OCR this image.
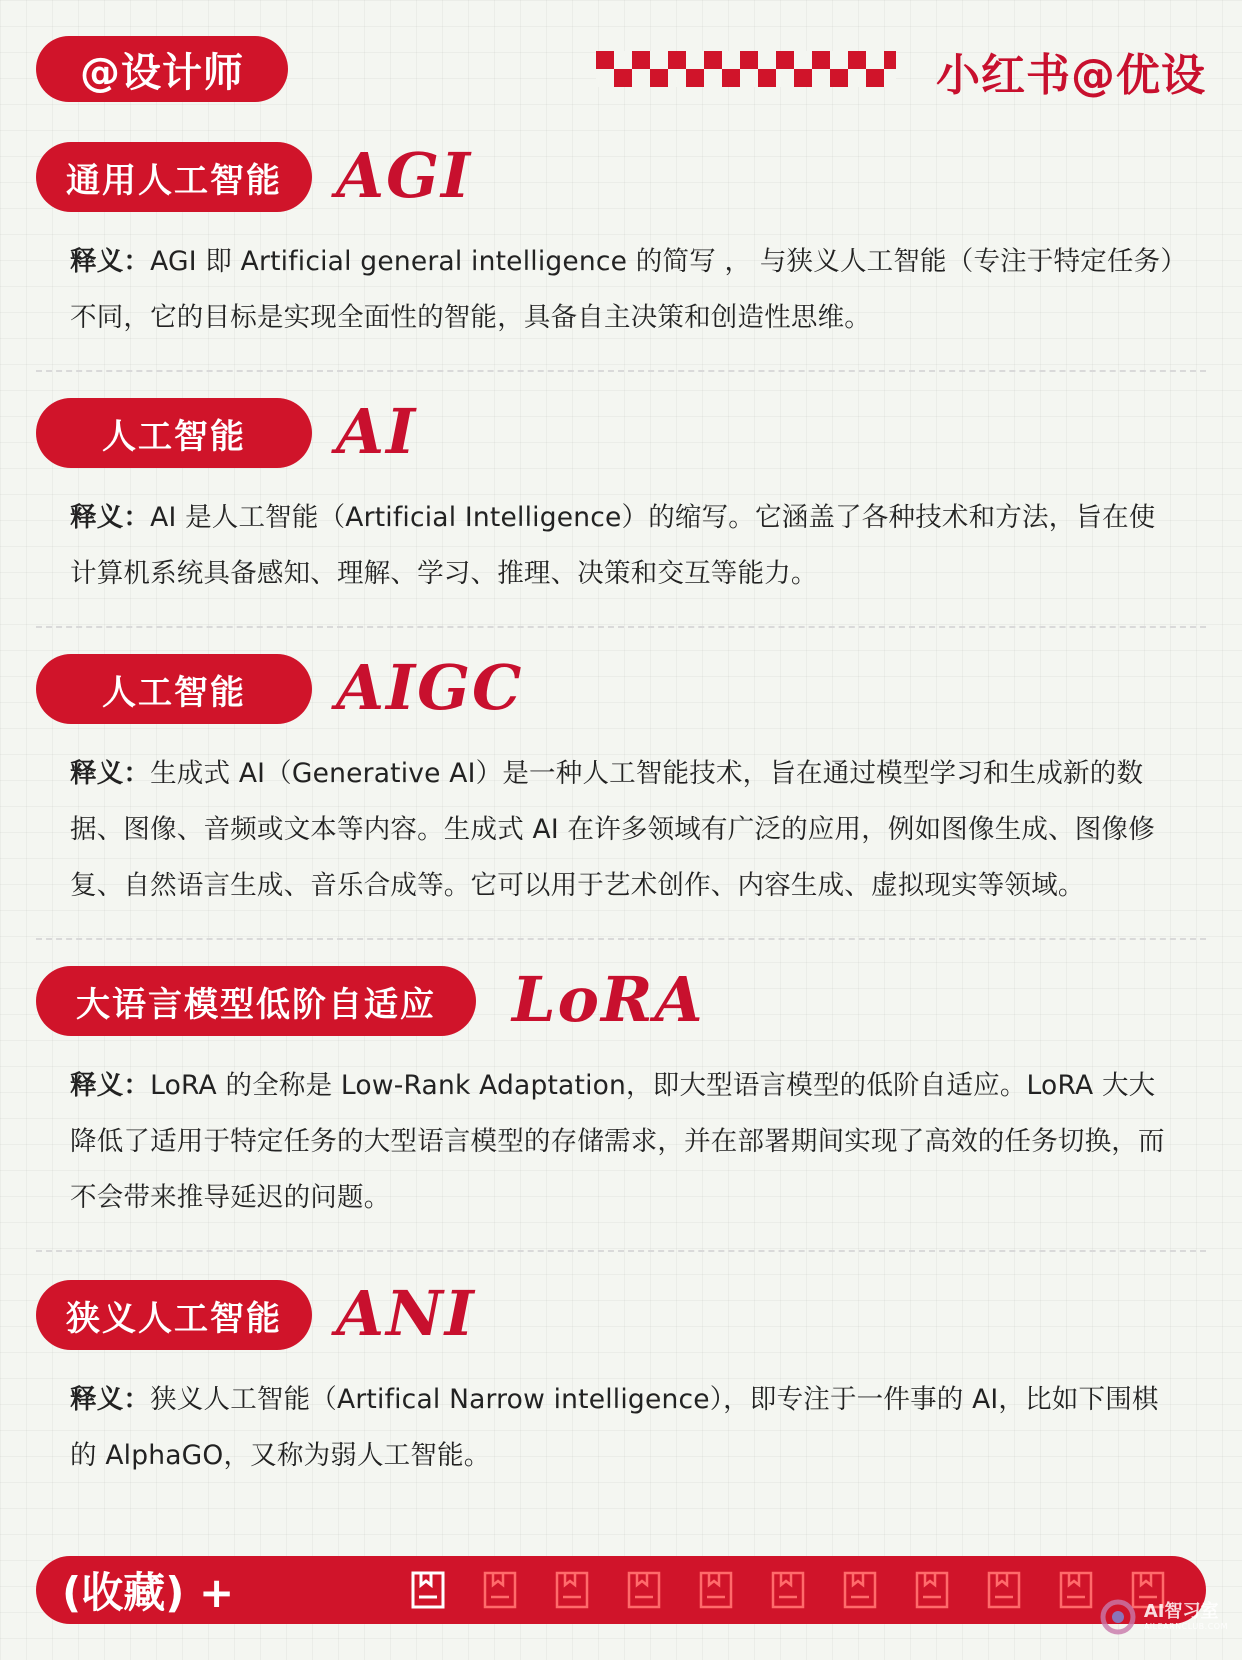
@设计师	小红书@优设
通用人工智能 AGI
释义：AGI 即 Artificial general intelligence 的简写 ， 与狭义人工智能（专注于特定任务）不同，它的目标是实现全面性的智能，具备自主决策和创造性思维。
人工智能	AI
释义：AI 是人工智能（Artificial Intelligence）的缩写。它涵盖了各种技术和方法，旨在使计算机系统具备感知、理解、学习、推理、决策和交互等能力。
人工智能	AIGC
释义：生成式 AI（Generative AI）是一种人工智能技术，旨在通过模型学习和生成新的数据、图像、音频或文本等内容。生成式 AI 在许多领域有广泛的应用，例如图像生成、图像修复、自然语言生成、音乐合成等。它可以用于艺术创作、内容生成、虚拟现实等领域。
大语言模型低阶自适应	LoRA
释义：LoRA 的全称是 Low-Rank Adaptation，即大型语言模型的低阶自适应。LoRA 大大降低了适用于特定任务的大型语言模型的存储需求，并在部署期间实现了高效的任务切换，而不会带来推导延迟的问题。
狭义人工智能 ANI
释义：狭义人工智能（Artifical Narrow intelligence），即专注于一件事的 AI，比如下围棋的 AlphaGO，又称为弱人工智能。
(收藏) +	AI智习室
AILEARNCLUB.COM
